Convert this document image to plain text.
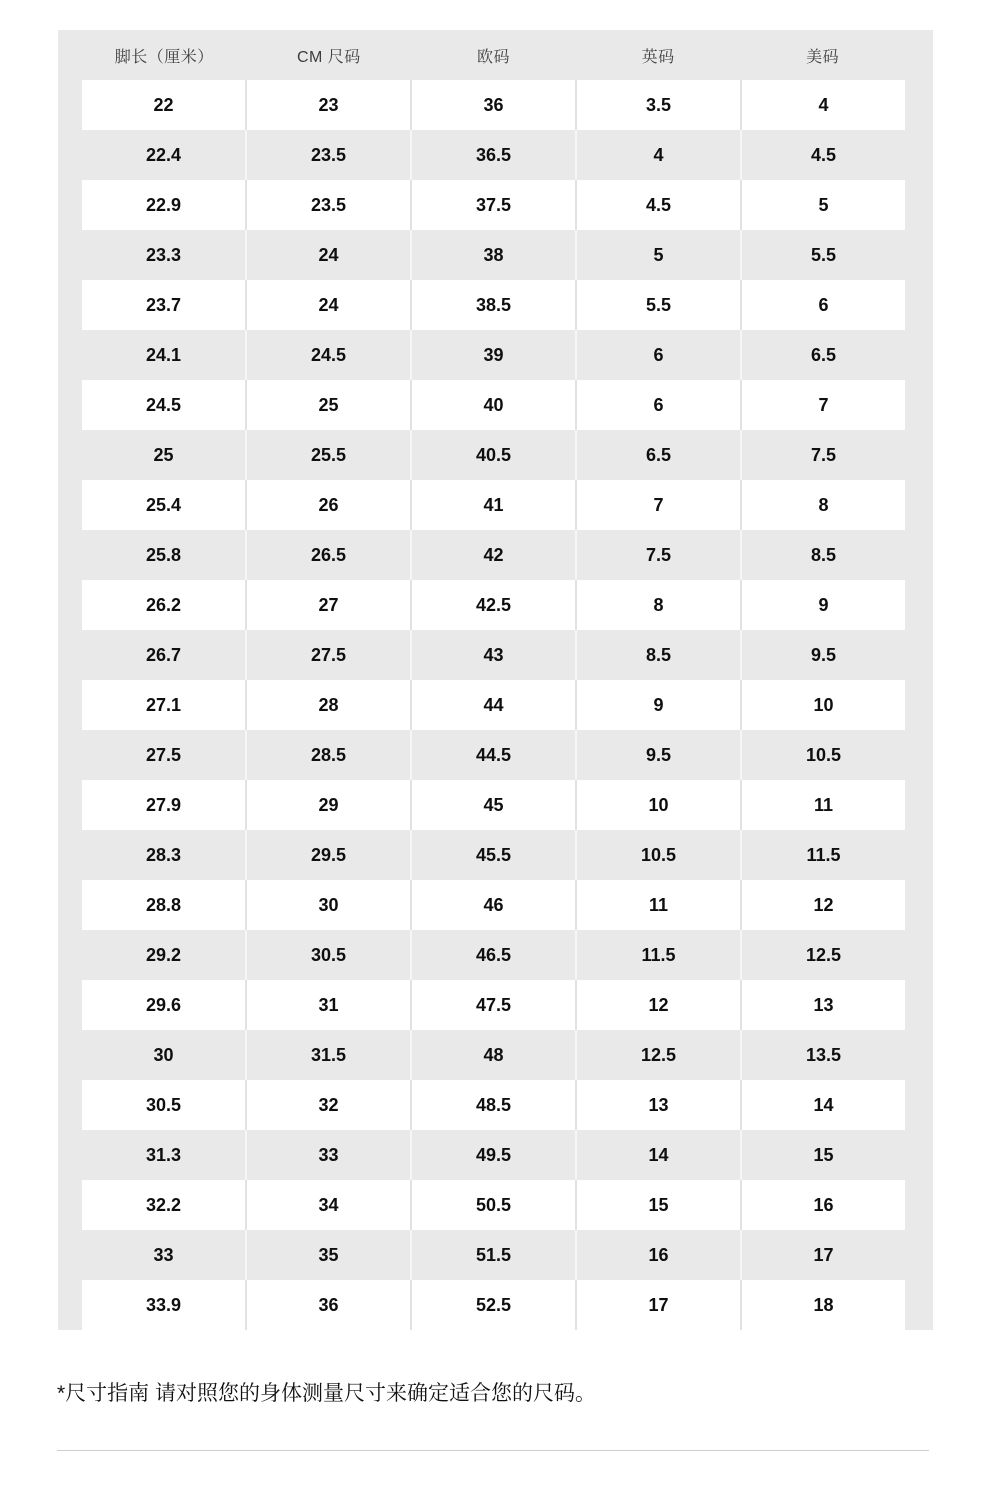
脚长（厘米）	CM 尺码	欧码	英码	美码
22	23	36	3.5	4
22.4	23.5	36.5	4	4.5
22.9	23.5	37.5	4.5	5
23.3	24	38	5	5.5
23.7	24	38.5	5.5	6
24.1	24.5	39	6	6.5
24.5	25	40	6	7
25	25.5	40.5	6.5	7.5
25.4	26	41	7	8
25.8	26.5	42	7.5	8.5
26.2	27	42.5	8	9
26.7	27.5	43	8.5	9.5
27.1	28	44	9	10
27.5	28.5	44.5	9.5	10.5
27.9	29	45	10	11
28.3	29.5	45.5	10.5	11.5
28.8	30	46	11	12
29.2	30.5	46.5	11.5	12.5
29.6	31	47.5	12	13
30	31.5	48	12.5	13.5
30.5	32	48.5	13	14
31.3	33	49.5	14	15
32.2	34	50.5	15	16
33	35	51.5	16	17
33.9	36	52.5	17	18

*尺寸指南 请对照您的身体测量尺寸来确定适合您的尺码。
